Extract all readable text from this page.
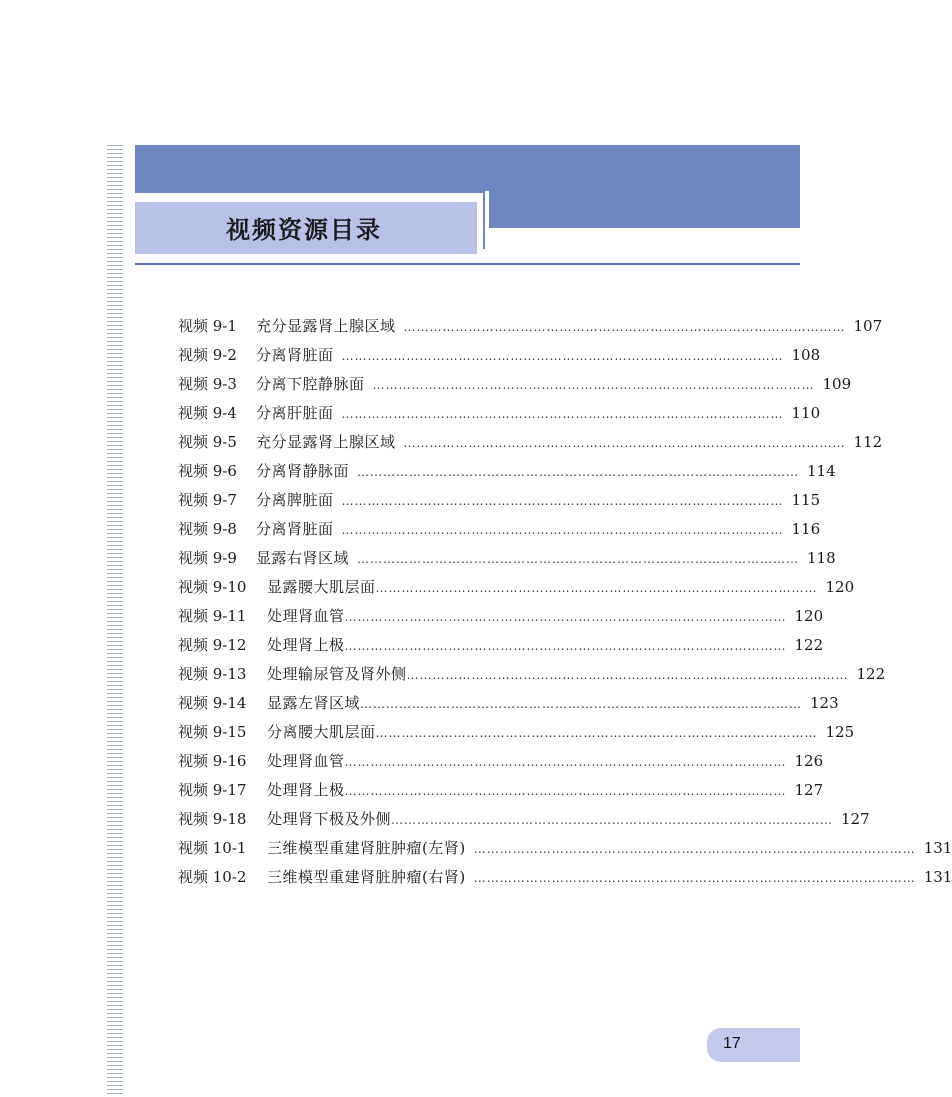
视频资源目录
视频 9-1	充分显露肾上腺区域 ………………………………………………………………………………………… 107
视频 9-2	分离肾脏面 ………………………………………………………………………………………… 108
视频 9-3	分离下腔静脉面 ………………………………………………………………………………………… 109
视频 9-4	分离肝脏面 ………………………………………………………………………………………… 110
视频 9-5	充分显露肾上腺区域 ………………………………………………………………………………………… 112
视频 9-6	分离肾静脉面 ………………………………………………………………………………………… 114
视频 9-7	分离脾脏面 ………………………………………………………………………………………… 115
视频 9-8	分离肾脏面 ………………………………………………………………………………………… 116
视频 9-9	显露右肾区域 ………………………………………………………………………………………… 118
视频 9-10	显露腰大肌层面 ………………………………………………………………………………………… 120
视频 9-11	处理肾血管 ………………………………………………………………………………………… 120
视频 9-12	处理肾上极 ………………………………………………………………………………………… 122
视频 9-13	处理输尿管及肾外侧 ………………………………………………………………………………………… 122
视频 9-14	显露左肾区域 ………………………………………………………………………………………… 123
视频 9-15	分离腰大肌层面 ………………………………………………………………………………………… 125
视频 9-16	处理肾血管 ………………………………………………………………………………………… 126
视频 9-17	处理肾上极 ………………………………………………………………………………………… 127
视频 9-18	处理肾下极及外侧 ………………………………………………………………………………………… 127
视频 10-1	三维模型重建肾脏肿瘤(左肾) ………………………………………………………………………………………… 131
视频 10-2	三维模型重建肾脏肿瘤(右肾) ………………………………………………………………………………………… 131
17
